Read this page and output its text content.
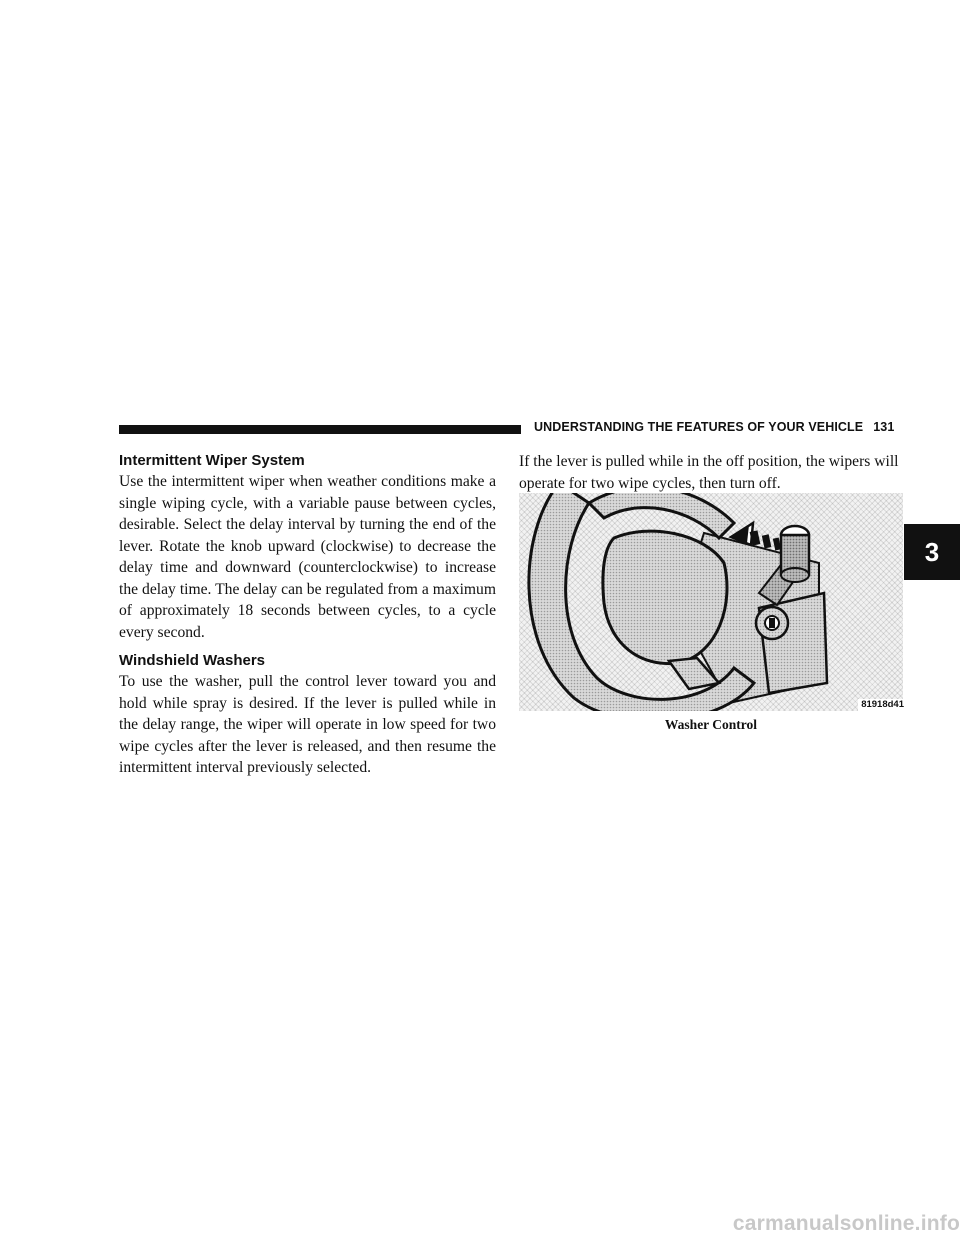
UNDERSTANDING THE FEATURES OF YOUR VEHICLE 131
3
Intermittent Wiper System

Use the intermittent wiper when weather conditions make a single wiping cycle, with a variable pause between cycles, desirable. Select the delay interval by turning the end of the lever. Rotate the knob upward (clockwise) to decrease the delay time and downward (counterclockwise) to increase the delay time. The delay can be regulated from a maximum of approximately 18 seconds between cycles, to a cycle every second.

Windshield Washers

To use the washer, pull the control lever toward you and hold while spray is desired. If the lever is pulled while in the delay range, the wiper will operate in low speed for two wipe cycles after the lever is released, and then resume the intermittent interval previously selected.

If the lever is pulled while in the off position, the wipers will operate for two wipe cycles, then turn off.

81918d41
Washer Control
carmanualsonline.info
